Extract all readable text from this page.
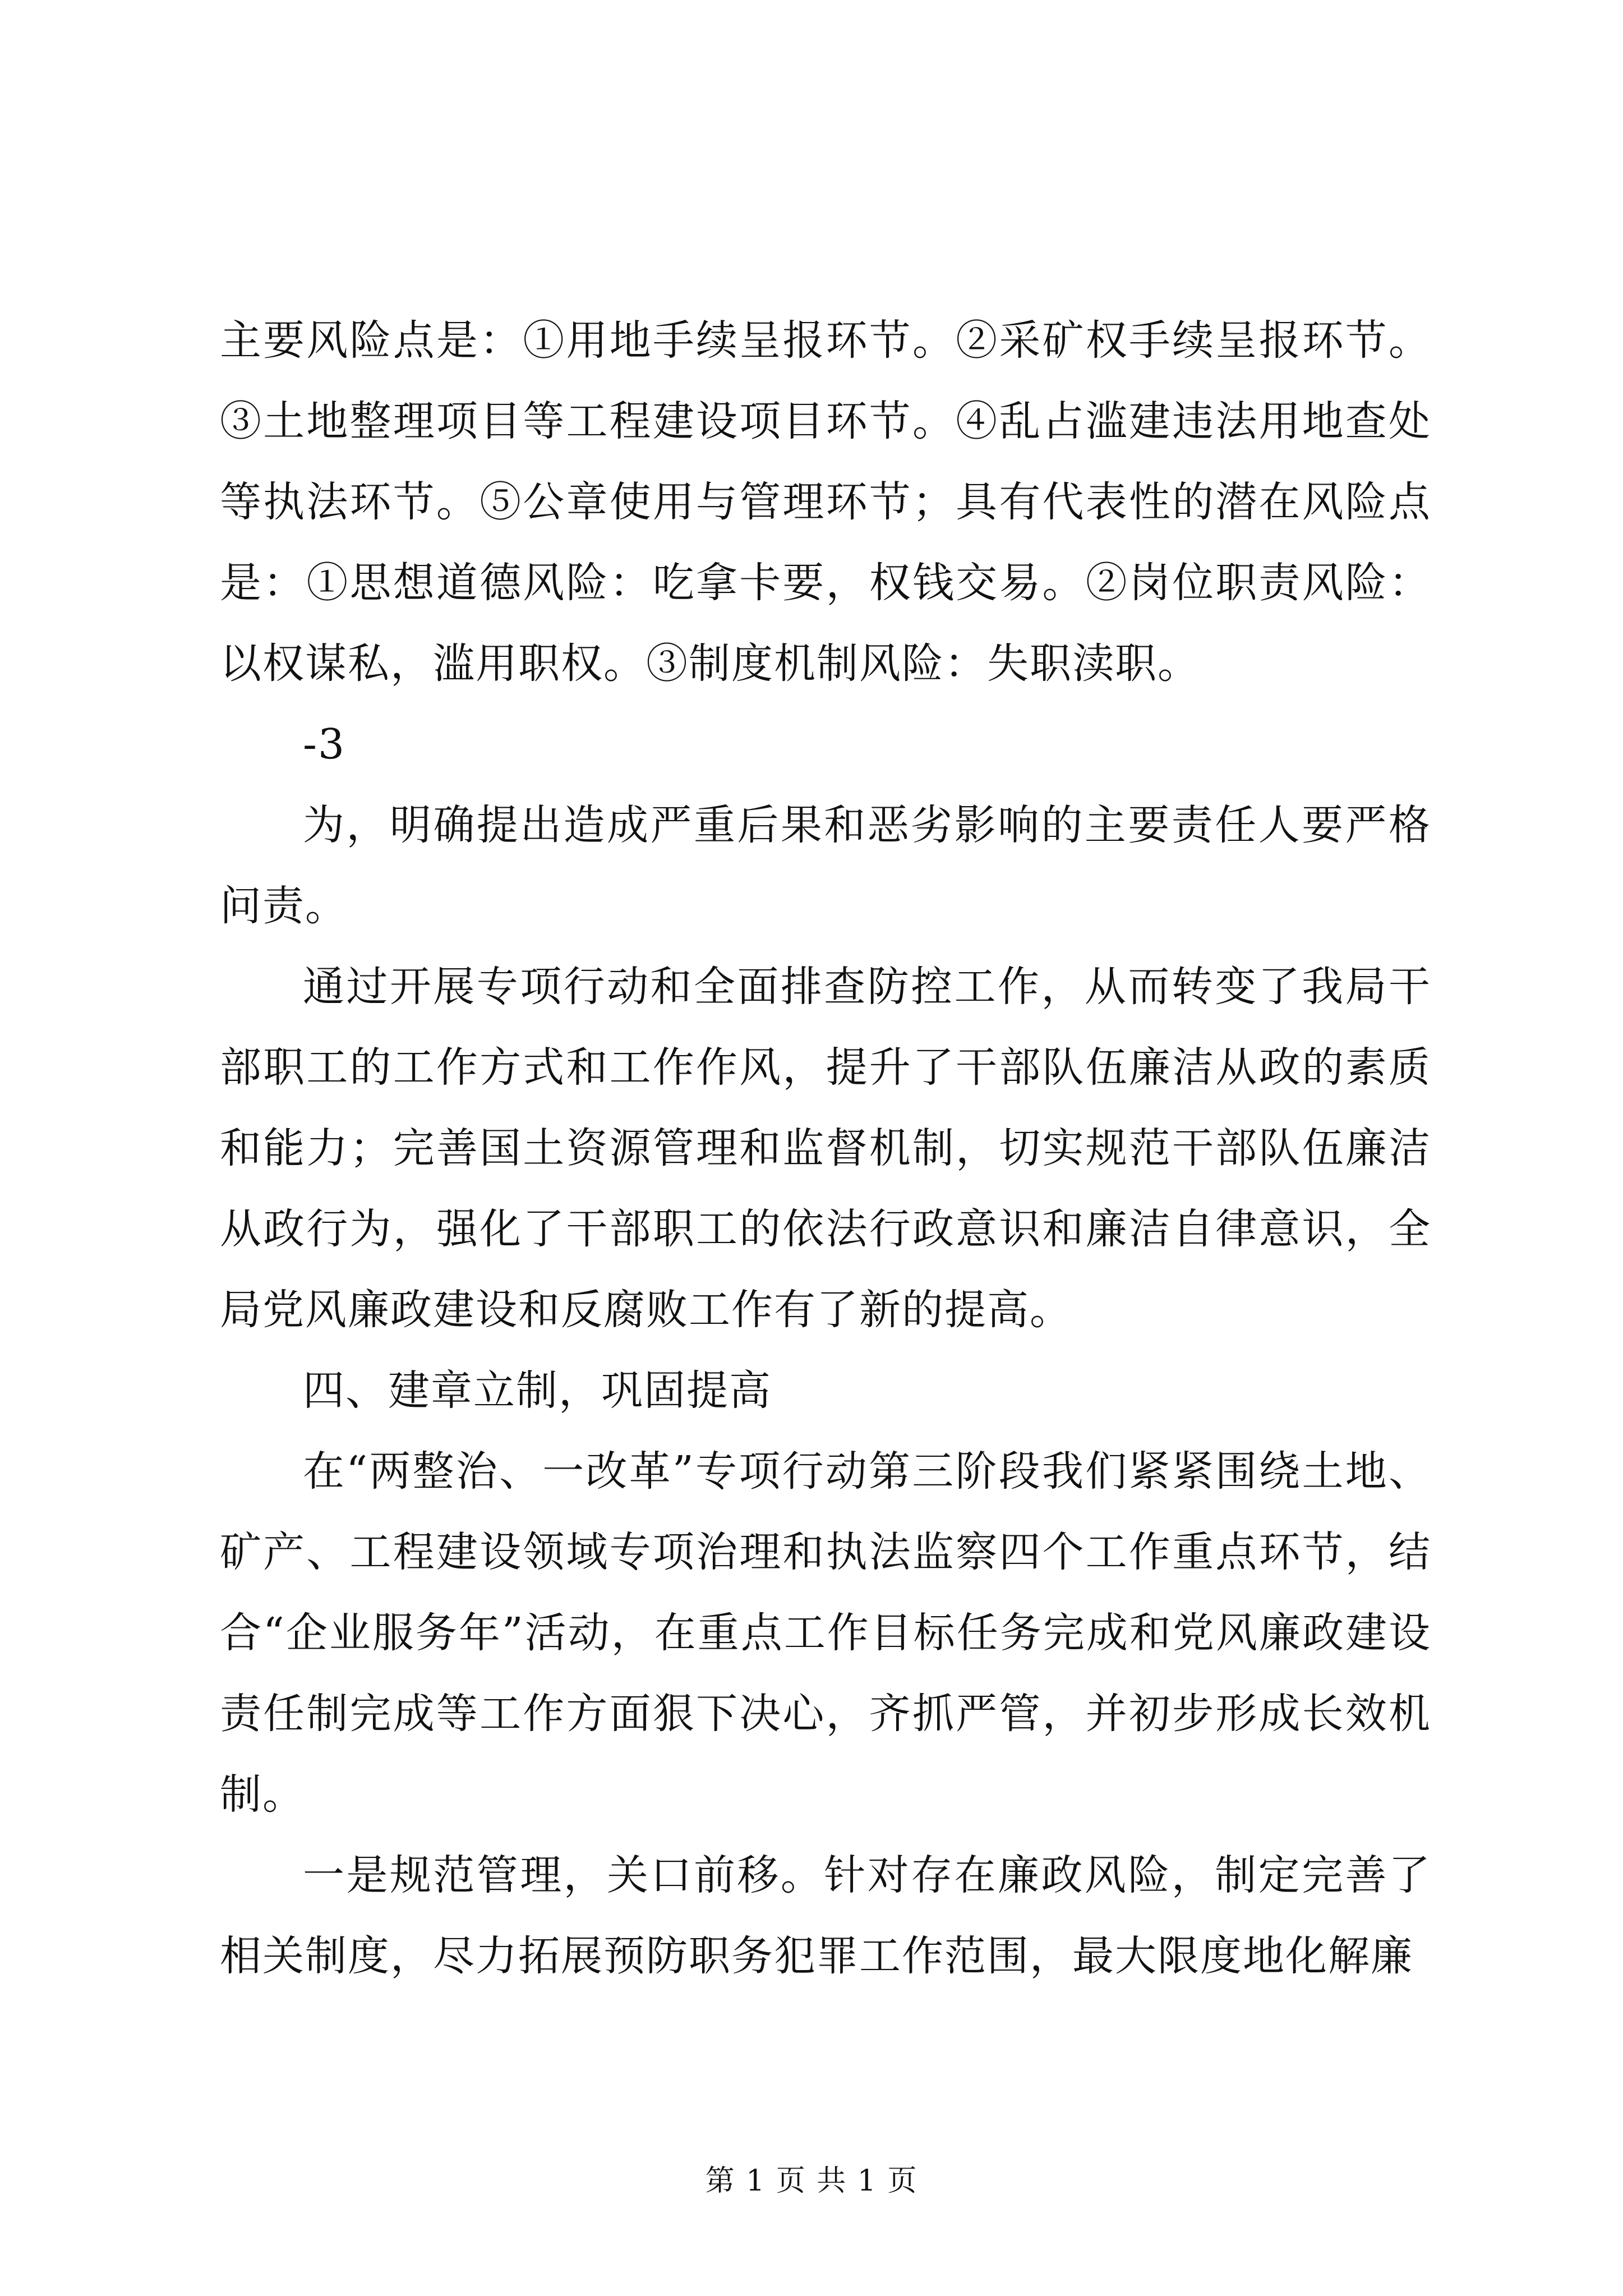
主要风险点是：①用地手续呈报环节。②采矿权手续呈报环节。③土地整理项目等工程建设项目环节。④乱占滥建违法用地查处等执法环节。⑤公章使用与管理环节；具有代表性的潜在风险点是：①思想道德风险：吃拿卡要，权钱交易。②岗位职责风险：以权谋私，滥用职权。③制度机制风险：失职渎职。

-3

为，明确提出造成严重后果和恶劣影响的主要责任人要严格问责。

通过开展专项行动和全面排查防控工作，从而转变了我局干部职工的工作方式和工作作风，提升了干部队伍廉洁从政的素质和能力；完善国土资源管理和监督机制，切实规范干部队伍廉洁从政行为，强化了干部职工的依法行政意识和廉洁自律意识，全局党风廉政建设和反腐败工作有了新的提高。

四、建章立制，巩固提高

在“两整治、一改革”专项行动第三阶段我们紧紧围绕土地、矿产、工程建设领域专项治理和执法监察四个工作重点环节，结合“企业服务年”活动，在重点工作目标任务完成和党风廉政建设责任制完成等工作方面狠下决心，齐抓严管，并初步形成长效机制。

一是规范管理，关口前移。针对存在廉政风险，制定完善了相关制度，尽力拓展预防职务犯罪工作范围，最大限度地化解廉

第 1 页 共 1 页
